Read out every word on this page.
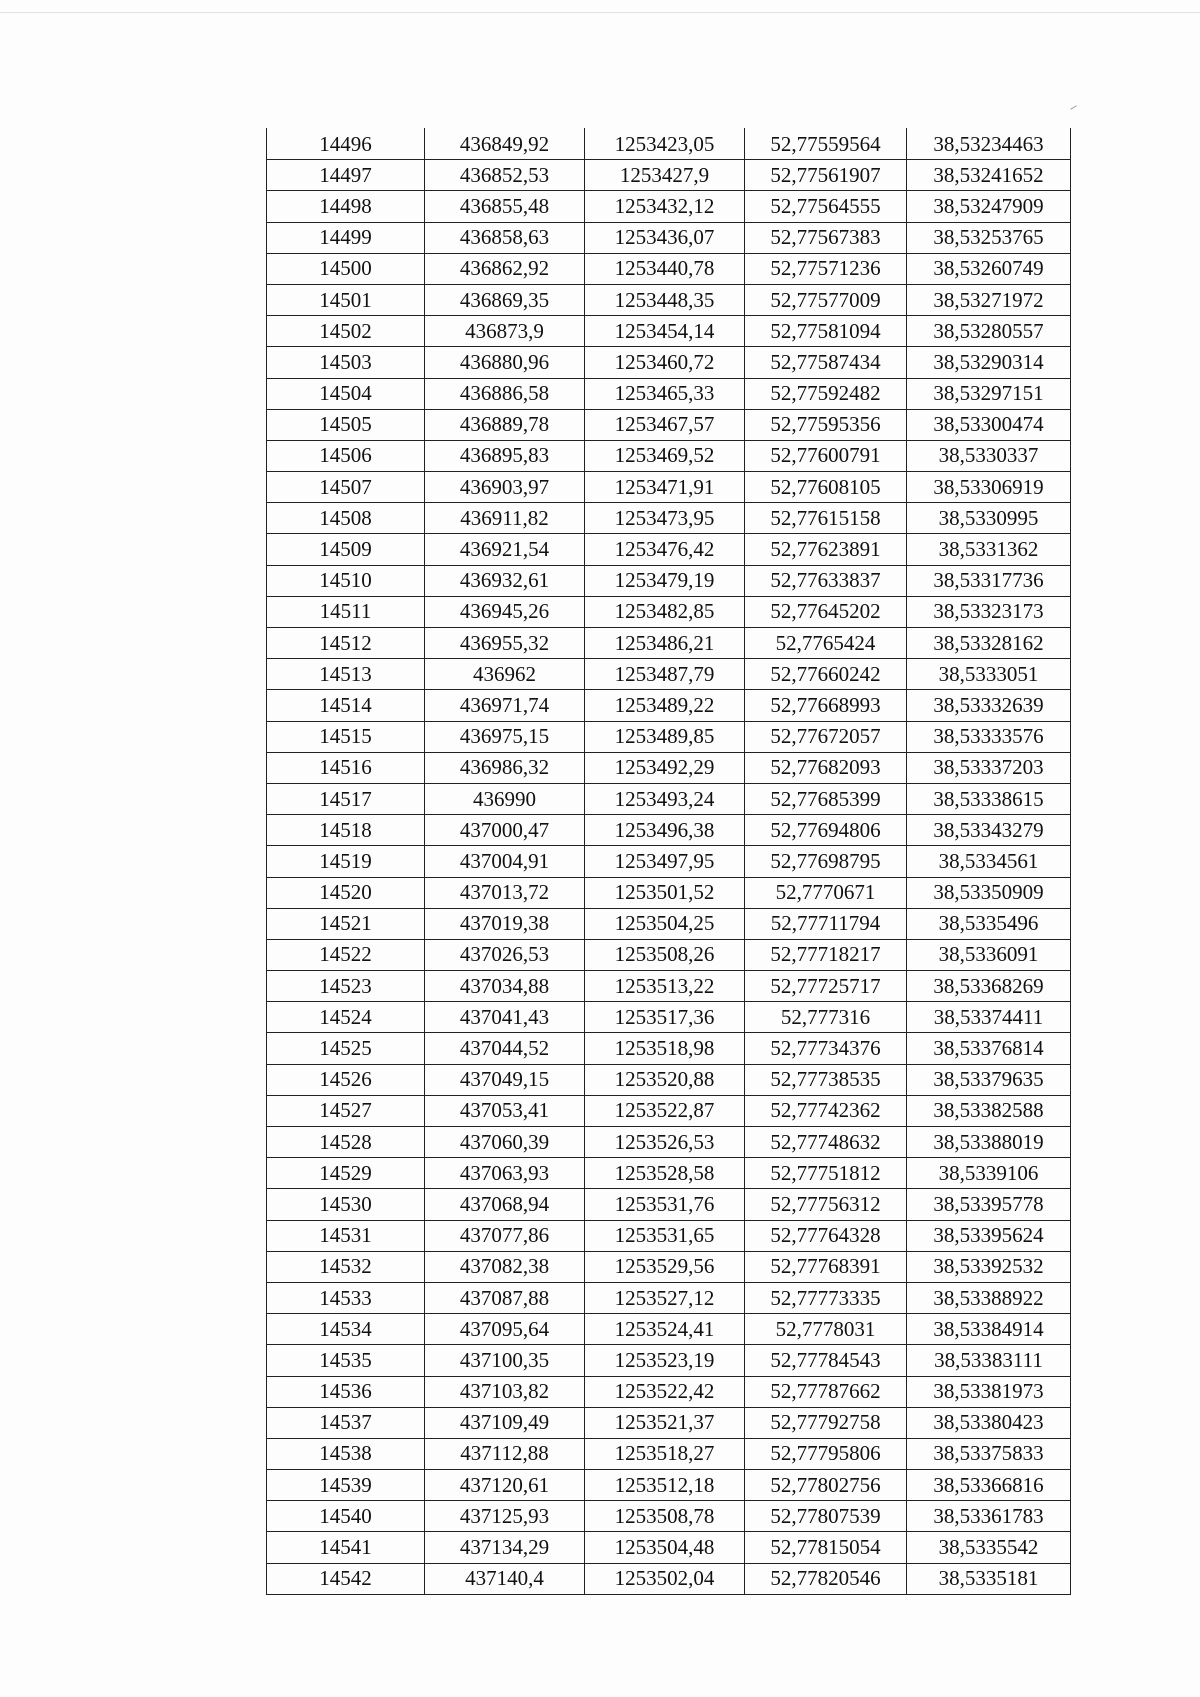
14496	436849,92	1253423,05	52,77559564	38,53234463
14497	436852,53	1253427,9	52,77561907	38,53241652
14498	436855,48	1253432,12	52,77564555	38,53247909
14499	436858,63	1253436,07	52,77567383	38,53253765
14500	436862,92	1253440,78	52,77571236	38,53260749
14501	436869,35	1253448,35	52,77577009	38,53271972
14502	436873,9	1253454,14	52,77581094	38,53280557
14503	436880,96	1253460,72	52,77587434	38,53290314
14504	436886,58	1253465,33	52,77592482	38,53297151
14505	436889,78	1253467,57	52,77595356	38,53300474
14506	436895,83	1253469,52	52,77600791	38,5330337
14507	436903,97	1253471,91	52,77608105	38,53306919
14508	436911,82	1253473,95	52,77615158	38,5330995
14509	436921,54	1253476,42	52,77623891	38,5331362
14510	436932,61	1253479,19	52,77633837	38,53317736
14511	436945,26	1253482,85	52,77645202	38,53323173
14512	436955,32	1253486,21	52,7765424	38,53328162
14513	436962	1253487,79	52,77660242	38,5333051
14514	436971,74	1253489,22	52,77668993	38,53332639
14515	436975,15	1253489,85	52,77672057	38,53333576
14516	436986,32	1253492,29	52,77682093	38,53337203
14517	436990	1253493,24	52,77685399	38,53338615
14518	437000,47	1253496,38	52,77694806	38,53343279
14519	437004,91	1253497,95	52,77698795	38,5334561
14520	437013,72	1253501,52	52,7770671	38,53350909
14521	437019,38	1253504,25	52,77711794	38,5335496
14522	437026,53	1253508,26	52,77718217	38,5336091
14523	437034,88	1253513,22	52,77725717	38,53368269
14524	437041,43	1253517,36	52,777316	38,53374411
14525	437044,52	1253518,98	52,77734376	38,53376814
14526	437049,15	1253520,88	52,77738535	38,53379635
14527	437053,41	1253522,87	52,77742362	38,53382588
14528	437060,39	1253526,53	52,77748632	38,53388019
14529	437063,93	1253528,58	52,77751812	38,5339106
14530	437068,94	1253531,76	52,77756312	38,53395778
14531	437077,86	1253531,65	52,77764328	38,53395624
14532	437082,38	1253529,56	52,77768391	38,53392532
14533	437087,88	1253527,12	52,77773335	38,53388922
14534	437095,64	1253524,41	52,7778031	38,53384914
14535	437100,35	1253523,19	52,77784543	38,53383111
14536	437103,82	1253522,42	52,77787662	38,53381973
14537	437109,49	1253521,37	52,77792758	38,53380423
14538	437112,88	1253518,27	52,77795806	38,53375833
14539	437120,61	1253512,18	52,77802756	38,53366816
14540	437125,93	1253508,78	52,77807539	38,53361783
14541	437134,29	1253504,48	52,77815054	38,5335542
14542	437140,4	1253502,04	52,77820546	38,5335181
